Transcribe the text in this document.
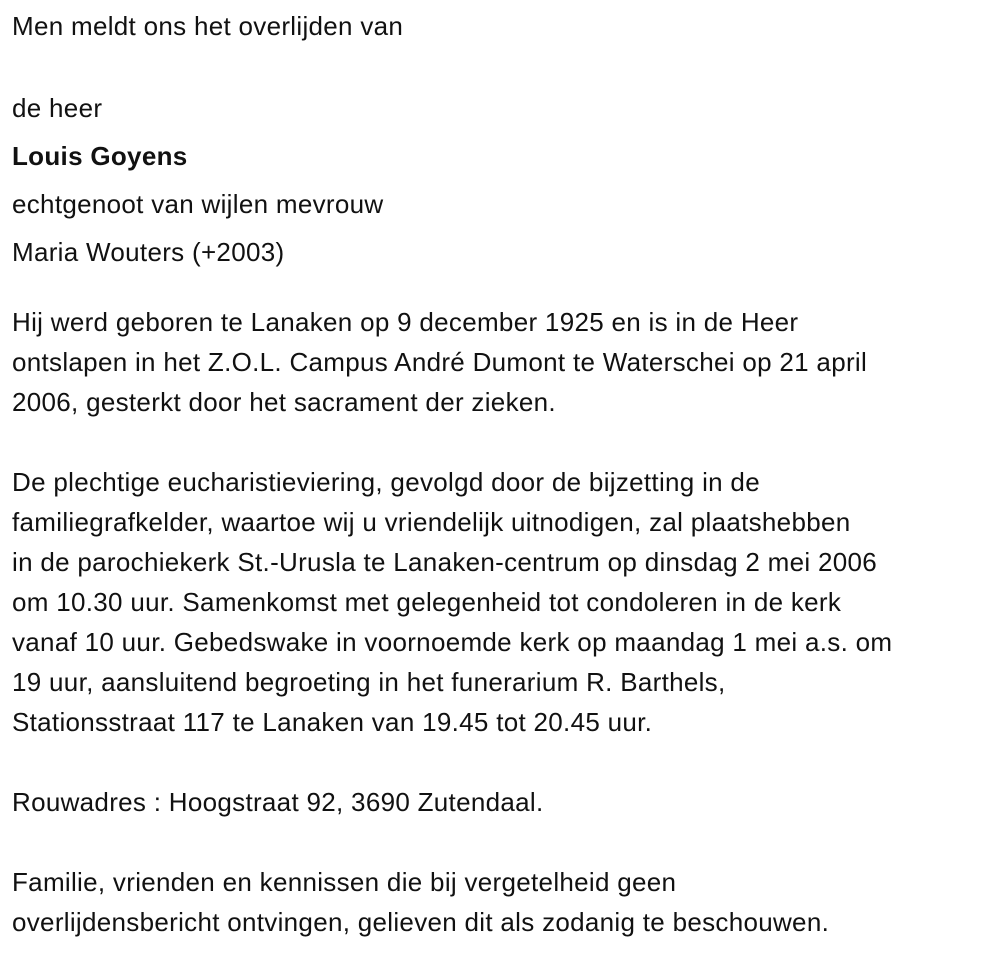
Men meldt ons het overlijden van
de heer
Louis Goyens
echtgenoot van wijlen mevrouw
Maria Wouters (+2003)
Hij werd geboren te Lanaken op 9 december 1925 en is in de Heer
ontslapen in het Z.O.L. Campus André Dumont te Waterschei op 21 april
2006, gesterkt door het sacrament der zieken.
De plechtige eucharistieviering, gevolgd door de bijzetting in de
familiegrafkelder, waartoe wij u vriendelijk uitnodigen, zal plaatshebben
in de parochiekerk St.-Urusla te Lanaken-centrum op dinsdag 2 mei 2006
om 10.30 uur. Samenkomst met gelegenheid tot condoleren in de kerk
vanaf 10 uur. Gebedswake in voornoemde kerk op maandag 1 mei a.s. om
19 uur, aansluitend begroeting in het funerarium R. Barthels,
Stationsstraat 117 te Lanaken van 19.45 tot 20.45 uur.
Rouwadres : Hoogstraat 92, 3690 Zutendaal.
Familie, vrienden en kennissen die bij vergetelheid geen
overlijdensbericht ontvingen, gelieven dit als zodanig te beschouwen.
